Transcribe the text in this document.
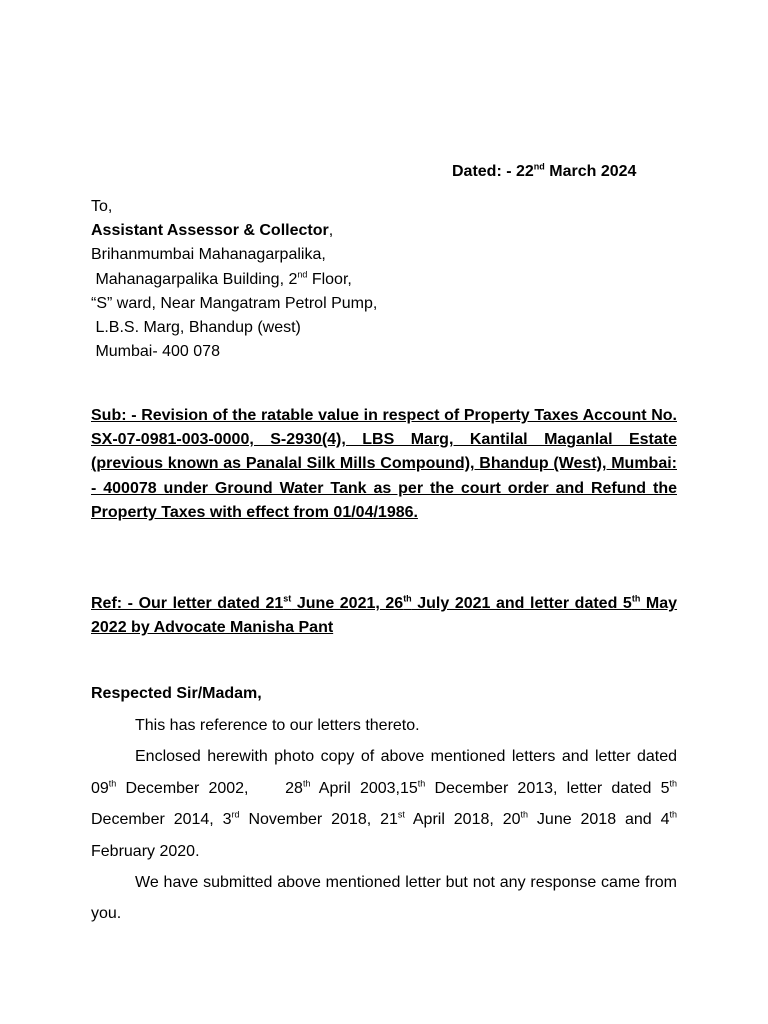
Dated: - 22nd March 2024
To,
Assistant Assessor & Collector,
Brihanmumbai Mahanagarpalika,
Mahanagarpalika Building, 2nd Floor,
“S” ward, Near Mangatram Petrol Pump,
L.B.S. Marg, Bhandup (west)
Mumbai- 400 078
Sub: - Revision of the ratable value in respect of Property Taxes Account No. SX-07-0981-003-0000, S-2930(4), LBS Marg, Kantilal Maganlal Estate (previous known as Panalal Silk Mills Compound), Bhandup (West), Mumbai: - 400078 under Ground Water Tank as per the court order and Refund the Property Taxes with effect from 01/04/1986.
Ref: - Our letter dated 21st June 2021, 26th July 2021 and letter dated 5th May 2022 by Advocate Manisha Pant
Respected Sir/Madam,

This has reference to our letters thereto.

Enclosed herewith photo copy of above mentioned letters and letter dated 09th December 2002,    28th April 2003,15th December 2013, letter dated 5th December 2014, 3rd November 2018, 21st April 2018, 20th June 2018 and 4th February 2020.

We have submitted above mentioned letter but not any response came from you.
